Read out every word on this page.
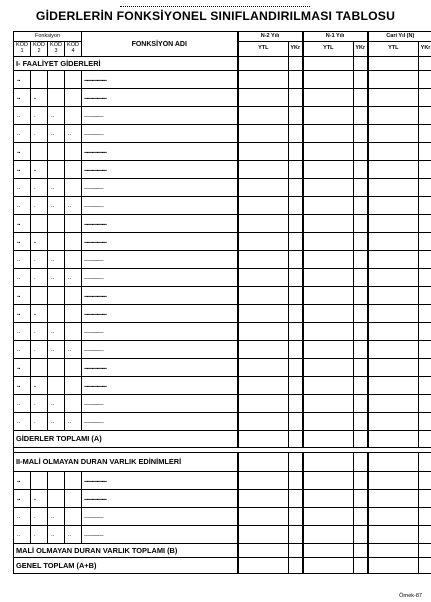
GİDERLERİN FONKSİYONEL SINIFLANDIRILMASI TABLOSU
Fonksiyon				FONKSİYON ADI	N-2 Yılı		N-1 Yılı		Cari Yıl (N)	
KOD 1	KOD 2	KOD 3	KOD 4		YTL	YKr	YTL	YKr	YTL	YKr
I- FAALİYET GİDERLERİ										
..				..................						
..	.			..................						
..	.	..		..................						
..	.	..	..	..................						
..				..................						
..	.			..................						
..	.	..		..................						
..	.	..	..	..................						
..				..................						
..	.			..................						
..	.	..		..................						
..	.	..	..	..................						
..				..................						
..	.			..................						
..	.	..		..................						
..	.	..	..	..................						
..				..................						
..	.			..................						
..	.	..		..................						
..	.	..	..	..................						
GİDERLER TOPLAMI (A)										

II-MALİ OLMAYAN DURAN VARLIK EDİNİMLERİ										
..				..................						
..	.			..................						
..	.	..		..................						
..	.	..	..	..................						
MALİ OLMAYAN DURAN VARLIK TOPLAMI (B)										
GENEL TOPLAM (A+B)										
Örnek-87
